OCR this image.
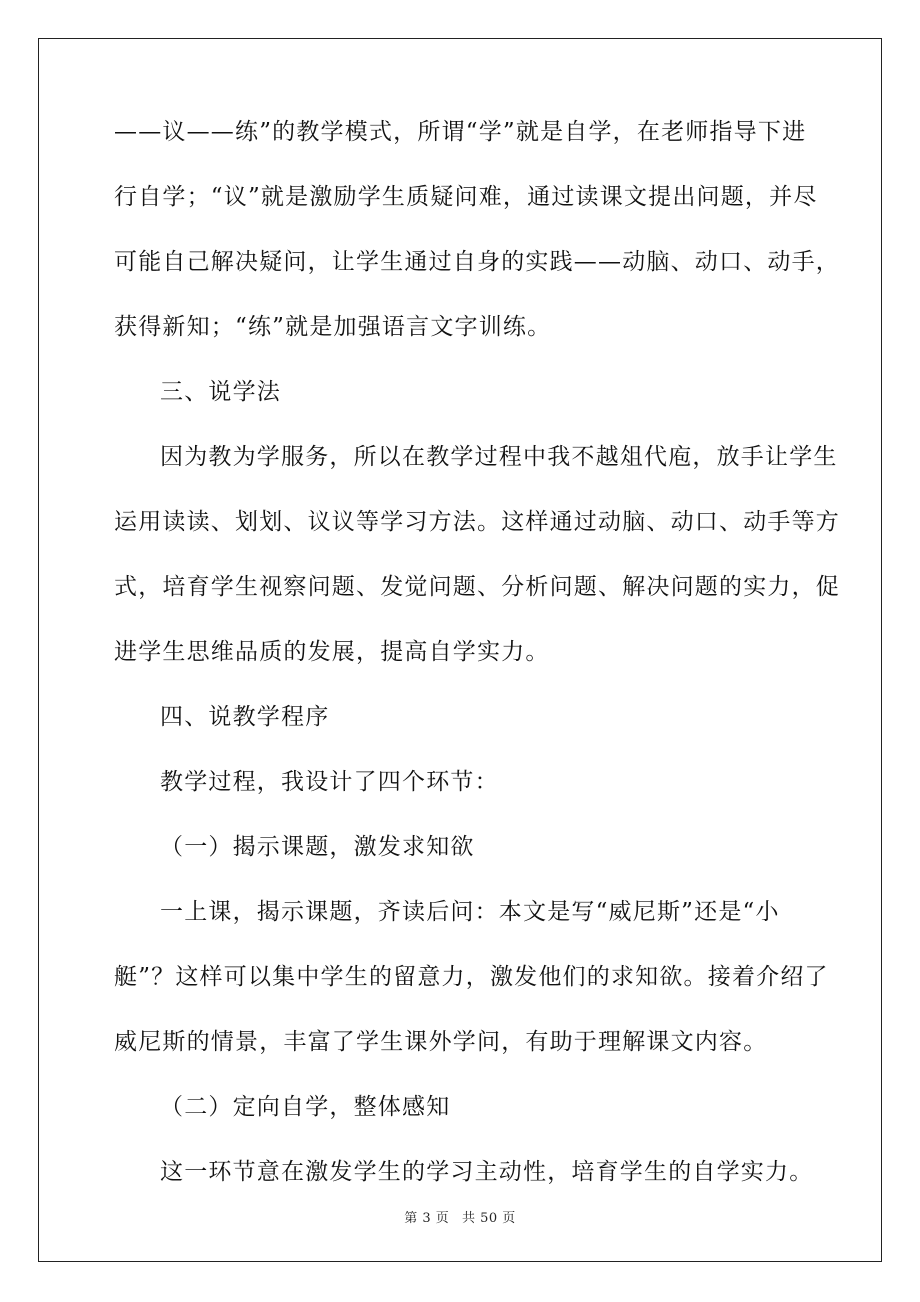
——议——练”的教学模式，所谓“学”就是自学，在老师指导下进
行自学；“议”就是激励学生质疑问难，通过读课文提出问题，并尽
可能自己解决疑问，让学生通过自身的实践——动脑、动口、动手，
获得新知；“练”就是加强语言文字训练。
三、说学法
因为教为学服务，所以在教学过程中我不越俎代庖，放手让学生
运用读读、划划、议议等学习方法。这样通过动脑、动口、动手等方
式，培育学生视察问题、发觉问题、分析问题、解决问题的实力，促
进学生思维品质的发展，提高自学实力。
四、说教学程序
教学过程，我设计了四个环节：
（一）揭示课题，激发求知欲
一上课，揭示课题，齐读后问：本文是写“威尼斯”还是“小
艇”？这样可以集中学生的留意力，激发他们的求知欲。接着介绍了
威尼斯的情景，丰富了学生课外学问，有助于理解课文内容。
（二）定向自学，整体感知
这一环节意在激发学生的学习主动性，培育学生的自学实力。
第 3 页 共 50 页
